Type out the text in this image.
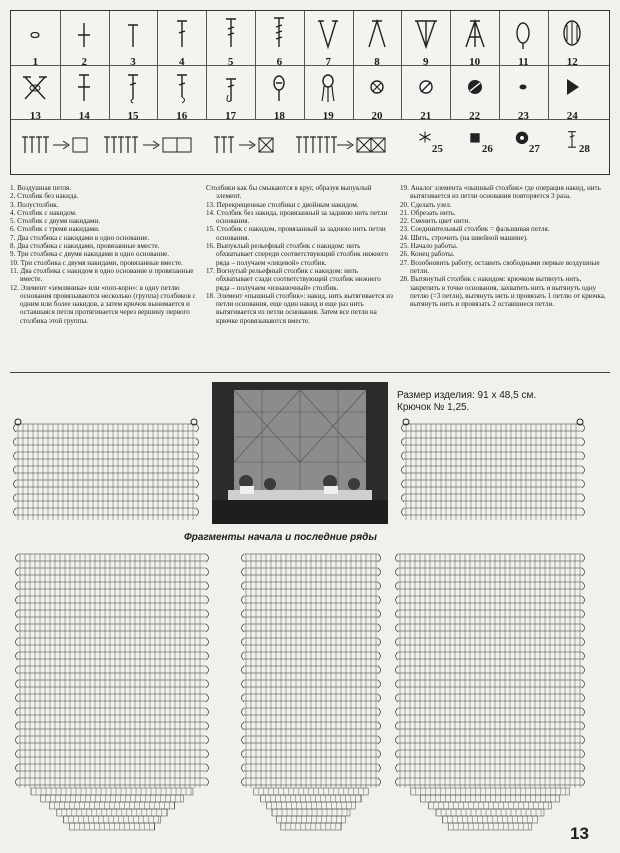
1	2	3	4	5	6	7	8	9	10	11	12
13	14	15	16	17	18	19	20	21	22	23	24
25	26	27	28
1. Воздушная петля.
2. Столбик без накида.
3. Полустолбик.
4. Столбик с накидом.
5. Столбик с двумя накидами.
6. Столбик с тремя накидами.
7. Два столбика с накидами в одно основание.
8. Два столбика с накидами, провязанные вместе.
9. Три столбика с двумя накидами в одно основание.
10. Три столбика с двумя накидами, провязанные вместе.
11. Два столбика с накидом в одно основание и провязанные вместе.
12. Элемент «земляника» или «поп-корн»: в одну петлю основания провязываются несколько (группа) столбиков с одним или более накидов, а затем крючок вынимается и оставшаяся петля протягивается через вершину первого столбика этой группы.
Столбики как бы смыкаются в круг, образуя выпуклый элемент.
13. Перекрещенные столбики с двойным накидом.
14. Столбик без накида, провязанный за заднюю нить петли основания.
15. Столбик с накидом, провязанный за заднюю нить петли основания.
16. Выпуклый рельефный столбик с накидом: нить обхватывает спереди соответствующий столбик нижнего ряда – получаем «лицевой» столбик.
17. Вогнутый рельефный столбик с накидом: нить обхватывает сзади соответствующий столбик нижнего ряда – получаем «изнаночный» столбик.
18. Элемент «пышный столбик»: накид, нить вытягивается из петли основания, еще один накид и еще раз нить вытягивается из петли основания. Затем все петли на крючке провязываются вместе.
19. Аналог элемента «пышный столбик» где операция накид, нить вытягивается из петли основания повторяется 3 раза.
20. Сделать узел.
21. Обрезать нить.
22. Сменить цвет нити.
23. Соединительный столбик = фальшивая петля.
24. Шить, строчить (на швейной машине).
25. Начало работы.
26. Конец работы.
27. Возобновить работу, оставить свободными первые воздушные петли.
28. Вытянутый столбик с накидом: крючком вытянуть нить, закрепить в точке основания, захватить нить и вытянуть одну петлю (=3 петли), вытянуть нить и провязать 1 петлю от крючка, вытянуть нить и провязать 2 оставшиеся петли.
Размер изделия: 91 х 48,5 см.
Крючок № 1,25.
Фрагменты начала и последние ряды
13
